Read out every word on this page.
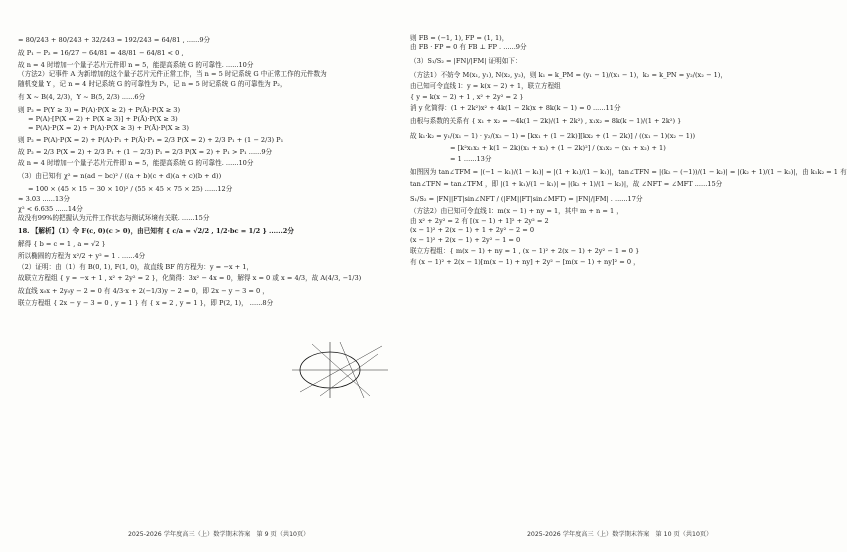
= 80/243 + 80/243 + 32/243 = 192/243 = 64/81 , ......9分
故 P₁ − P₂ = 16/27 − 64/81 = 48/81 − 64/81 < 0 ,
故 n = 4 时增加一个量子芯片元件即 n = 5，能提高系统 G 的可靠性. ......10分
（方法2）记事件 A 为新增加的这个量子芯片元件正常工作，当 n = 5 时记系统 G 中正常工作的元件数为
随机变量 Y ，记 n = 4 时记系统 G 的可靠性为 P₁，记 n = 5 时记系统 G 的可靠性为 P₂，
有 X ~ B(4, 2/3)，Y ~ B(5, 2/3) ......6分
则 P₂ = P(Y ≥ 3) = P(A)·P(X ≥ 2) + P(Ā)·P(X ≥ 3)
= P(A)·[P(X = 2) + P(X ≥ 3)] + P(Ā)·P(X ≥ 3)
= P(A)·P(X = 2) + P(A)·P(X ≥ 3) + P(Ā)·P(X ≥ 3)
则 P₂ = P(A)·P(X = 2) + P(A)·P₁ + P(Ā)·P₁ = 2/3 P(X = 2) + 2/3 P₁ + (1 − 2/3) P₁
故 P₂ = 2/3 P(X = 2) + 2/3 P₁ + (1 − 2/3) P₁ = 2/3 P(X = 2) + P₁ > P₁ ......9分
故 n = 4 时增加一个量子芯片元件即 n = 5，能提高系统 G 的可靠性. ......10分
（3）由已知有 χ² = n(ad − bc)² / ((a + b)(c + d)(a + c)(b + d))
= 100 × (45 × 15 − 30 × 10)² / (55 × 45 × 75 × 25) ......12分
≈ 3.03 ......13分
χ² < 6.635 ......14分
故没有99%的把握认为元件工作状态与测试环境有关联. ......15分
18. 【解析】（1）令 F(c, 0)(c > 0)，由已知有 { c/a = √2/2 , 1/2·bc = 1/2 } ......2分
解得 { b = c = 1 , a = √2 }
所以椭圆的方程为 x²/2 + y² = 1 . ......4分
（2）证明：由（1）有 B(0, 1), F(1, 0)，故直线 BF 的方程为：y = −x + 1，
故联立方程组 { y = −x + 1 , x² + 2y² = 2 }，化简得：3x² − 4x = 0，解得 x = 0 或 x = 4/3，故 A(4/3, −1/3)
故直线 x₀x + 2y₀y − 2 = 0 有 4/3·x + 2(−1/3)y − 2 = 0，即 2x − y − 3 = 0 ，
联立方程组 { 2x − y − 3 = 0 , y = 1 } 有 { x = 2 , y = 1 }，即 P(2, 1)， ......8分
则 FB = (−1, 1), FP = (1, 1)，
由 FB · FP = 0 有 FB ⊥ FP . ......9分
（3）S₁/S₂ = |FN|/|FM| 证明如下：
（方法1）不妨令 M(x₁, y₁), N(x₂, y₂)，则 k₁ = k_PM = (y₁ − 1)/(x₁ − 1)，k₂ = k_PN = y₂/(x₂ − 1)，
由已知可令直线 l：y = k(x − 2) + 1，联立方程组
{ y = k(x − 2) + 1 , x² + 2y² = 2 }
消 y 化简得：(1 + 2k²)x² + 4k(1 − 2k)x + 8k(k − 1) = 0 ......11分
由根与系数的关系有 { x₁ + x₂ = −4k(1 − 2k)/(1 + 2k²) , x₁x₂ = 8k(k − 1)/(1 + 2k²) }
故 k₁·k₂ = y₁/(x₁ − 1) · y₂/(x₂ − 1) = [kx₁ + (1 − 2k)][kx₂ + (1 − 2k)] / ((x₁ − 1)(x₂ − 1))
= [k²x₁x₂ + k(1 − 2k)(x₁ + x₂) + (1 − 2k)²] / (x₁x₂ − (x₁ + x₂) + 1)
= 1 ......13分
如图因为 tan∠TFM = |(−1 − k₁)/(1 − k₁)| = |(1 + k₁)/(1 − k₁)|，tan∠TFN = |(k₂ − (−1))/(1 − k₂)| = |(k₂ + 1)/(1 − k₂)|，由 k₁k₂ = 1 有
tan∠TFN = tan∠TFM ，即 |(1 + k₁)/(1 − k₁)| = |(k₂ + 1)/(1 − k₂)|，故 ∠NFT = ∠MFT ......15分
S₁/S₂ = |FN||FT|sin∠NFT / (|FM||FT|sin∠MFT) = |FN|/|FM| . ......17分
（方法2）由已知可令直线 l：m(x − 1) + ny = 1，其中 m + n = 1 ，
由 x² + 2y² = 2 有 [(x − 1) + 1]² + 2y² = 2
(x − 1)² + 2(x − 1) + 1 + 2y² − 2 = 0
(x − 1)² + 2(x − 1) + 2y² − 1 = 0
联立方程组：{ m(x − 1) + ny = 1 , (x − 1)² + 2(x − 1) + 2y² − 1 = 0 }
有 (x − 1)² + 2(x − 1)[m(x − 1) + ny] + 2y² − [m(x − 1) + ny]² = 0 ，
2025-2026 学年度高三（上）数学期末答案　第 9 页（共10页）	2025-2026 学年度高三（上）数学期末答案　第 10 页（共10页）
